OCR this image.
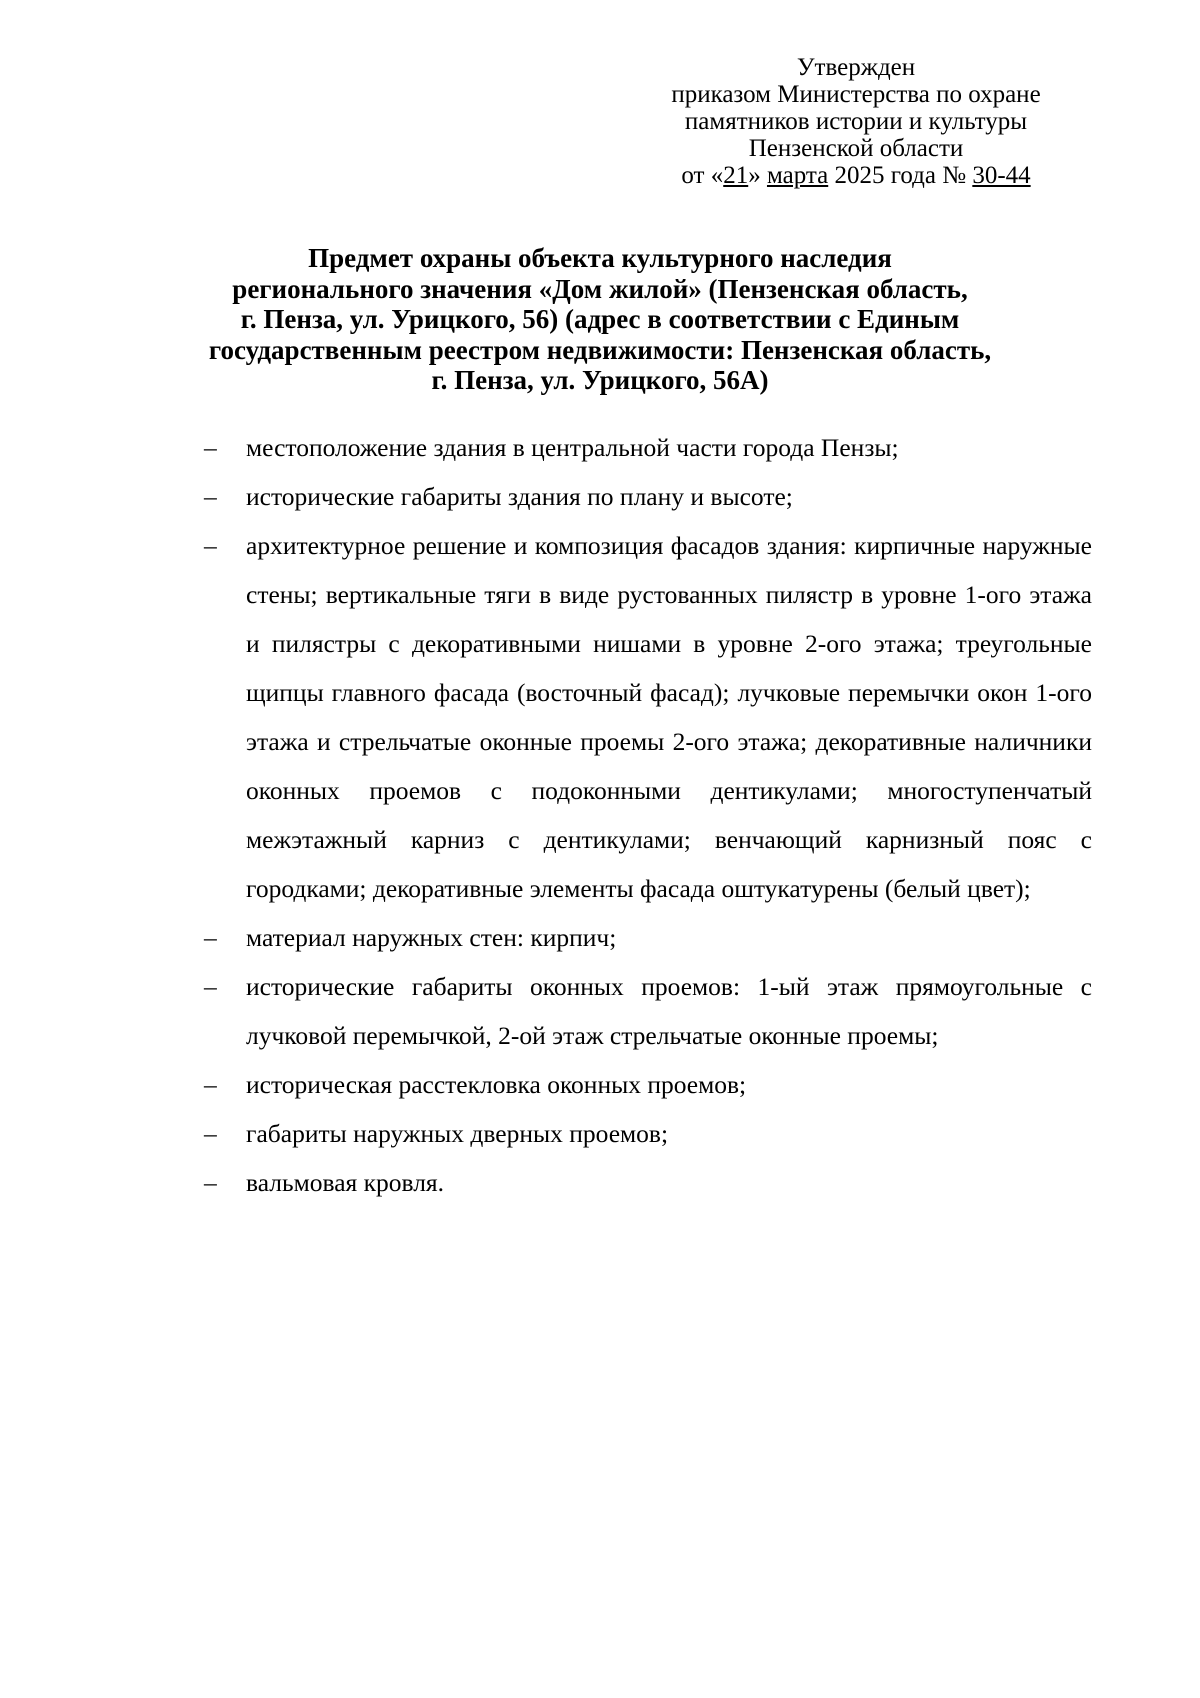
Утвержден
приказом Министерства по охране
памятников истории и культуры
Пензенской области
от «21» марта 2025 года № 30-44
Предмет охраны объекта культурного наследия
регионального значения «Дом жилой» (Пензенская область,
г. Пенза, ул. Урицкого, 56) (адрес в соответствии с Единым
государственным реестром недвижимости: Пензенская область,
г. Пенза, ул. Урицкого, 56А)
– местоположение здания в центральной части города Пензы;
– исторические габариты здания по плану и высоте;
– архитектурное решение и композиция фасадов здания: кирпичные наружные стены; вертикальные тяги в виде рустованных пилястр в уровне 1-ого этажа и пилястры с декоративными нишами в уровне 2-ого этажа; треугольные щипцы главного фасада (восточный фасад); лучковые перемычки окон 1-ого этажа и стрельчатые оконные проемы 2-ого этажа; декоративные наличники оконных проемов с подоконными дентикулами; многоступенчатый межэтажный карниз с дентикулами; венчающий карнизный пояс с городками; декоративные элементы фасада оштукатурены (белый цвет);
– материал наружных стен: кирпич;
– исторические габариты оконных проемов: 1-ый этаж прямоугольные с лучковой перемычкой, 2-ой этаж стрельчатые оконные проемы;
– историческая расстекловка оконных проемов;
– габариты наружных дверных проемов;
– вальмовая кровля.
